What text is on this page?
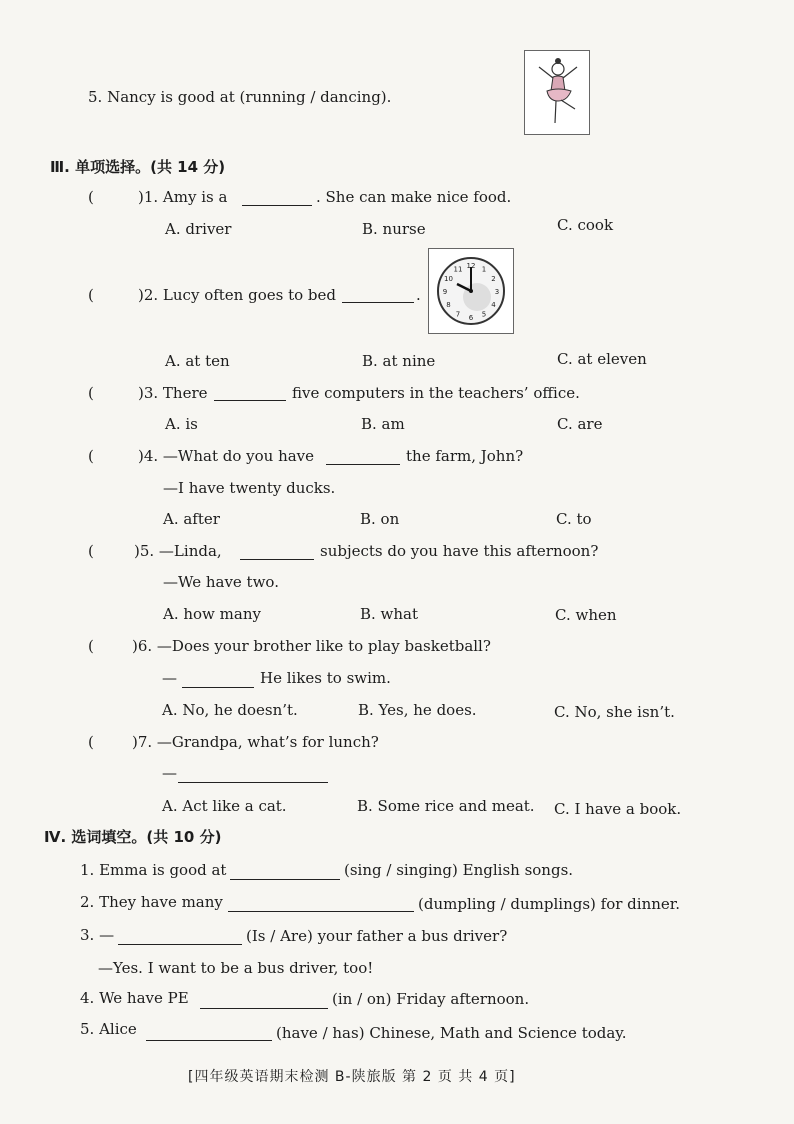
5. Nancy is good at (running / dancing).
Ⅲ. 单项选择。(共 14 分)
(	)1. Amy is a	. She can make nice food.
A. driver	B. nurse	C. cook
(	)2. Lucy often goes to bed	.
12 1
2
3
4
5
6
7
8
9
10
11
A. at ten	B. at nine	C. at eleven
(	)3. There	five computers in the teachers’ office.
A. is	B. am	C. are
(	)4. —What do you have	the farm, John?
—I have twenty ducks.
A. after	B. on	C. to
(	)5. —Linda,	subjects do you have this afternoon?
—We have two.
A. how many	B. what	C. when
(	)6. —Does your brother like to play basketball?
—	He likes to swim.
A. No, he doesn’t.	B. Yes, he does.	C. No, she isn’t.
(	)7. —Grandpa, what’s for lunch?
—
A. Act like a cat.	B. Some rice and meat. C. I have a book.
Ⅳ. 选词填空。(共 10 分)
1. Emma is good at	(sing / singing) English songs.
2. They have many	(dumpling / dumplings) for dinner.
3. —	(Is / Are) your father a bus driver?
—Yes. I want to be a bus driver, too!
4. We have PE	(in / on) Friday afternoon.
5. Alice	(have / has) Chinese, Math and Science today.
[四年级英语期末检测 B-陕旅版 第 2 页 共 4 页]
